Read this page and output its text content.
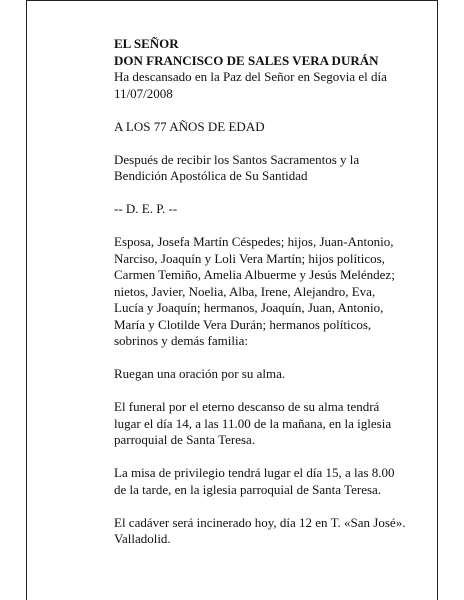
EL SEÑOR
DON FRANCISCO DE SALES VERA DURÁN
Ha descansado en la Paz del Señor en Segovia el día
11/07/2008

A LOS 77 AÑOS DE EDAD

Después de recibir los Santos Sacramentos y la
Bendición Apostólica de Su Santidad

-- D. E. P. --

Esposa, Josefa Martín Céspedes; hijos, Juan-Antonio,
Narciso, Joaquín y Loli Vera Martín; hijos políticos,
Carmen Temiño, Amelia Albuerme y Jesús Meléndez;
nietos, Javier, Noelia, Alba, Irene, Alejandro, Eva,
Lucía y Joaquín; hermanos, Joaquín, Juan, Antonio,
María y Clotilde Vera Durán; hermanos políticos,
sobrinos y demás familia:

Ruegan una oración por su alma.

El funeral por el eterno descanso de su alma tendrá
lugar el día 14, a las 11.00 de la mañana, en la iglesia
parroquial de Santa Teresa.

La misa de privilegio tendrá lugar el día 15, a las 8.00
de la tarde, en la iglesia parroquial de Santa Teresa.

El cadáver será incinerado hoy, día 12 en T. «San José».
Valladolid.
